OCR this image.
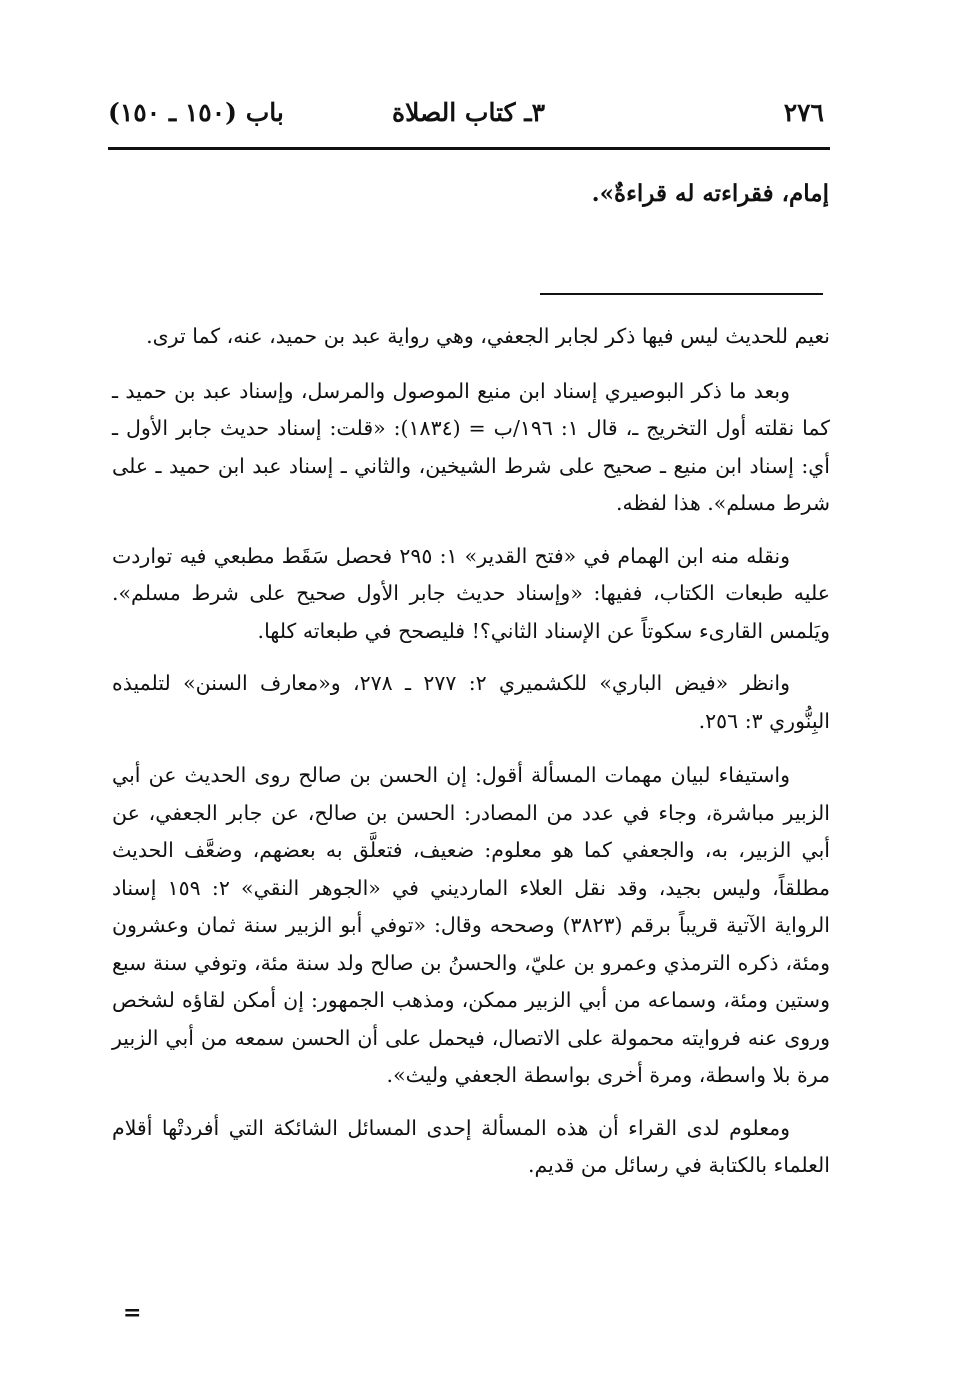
٢٧٦
٣ـ كتاب الصلاة
باب (١٥٠ ـ ١٥٠)
إمام، فقراءته له قراءةٌ».

نعيم للحديث ليس فيها ذكر لجابر الجعفي، وهي رواية عبد بن حميد، عنه، كما ترى.

وبعد ما ذكر البوصيري إسناد ابن منيع الموصول والمرسل، وإسناد عبد بن حميد ـ كما نقلته أول التخريج ـ، قال ١: ١٩٦/ب = (١٨٣٤): «قلت: إسناد حديث جابر الأول ـ أي: إسناد ابن منيع ـ صحيح على شرط الشيخين، والثاني ـ إسناد عبد ابن حميد ـ على شرط مسلم». هذا لفظه.

ونقله منه ابن الهمام في «فتح القدير» ١: ٢٩٥ فحصل سَقَط مطبعي فيه تواردت عليه طبعات الكتاب، ففيها: «وإسناد حديث جابر الأول صحيح على شرط مسلم». ويَلمس القارىء سكوتاً عن الإسناد الثاني؟! فليصحح في طبعاته كلها.

وانظر «فيض الباري» للكشميري ٢: ٢٧٧ ـ ٢٧٨، و«معارف السنن» لتلميذه البِنُّوري ٣: ٢٥٦.

واستيفاء لبيان مهمات المسألة أقول: إن الحسن بن صالح روى الحديث عن أبي الزبير مباشرة، وجاء في عدد من المصادر: الحسن بن صالح، عن جابر الجعفي، عن أبي الزبير، به، والجعفي كما هو معلوم: ضعيف، فتعلَّق به بعضهم، وضعَّف الحديث مطلقاً، وليس بجيد، وقد نقل العلاء المارديني في «الجوهر النقي» ٢: ١٥٩ إسناد الرواية الآتية قريباً برقم (٣٨٢٣) وصححه وقال: «توفي أبو الزبير سنة ثمان وعشرون ومئة، ذكره الترمذي وعمرو بن عليّ، والحسنُ بن صالح ولد سنة مئة، وتوفي سنة سبع وستين ومئة، وسماعه من أبي الزبير ممكن، ومذهب الجمهور: إن أمكن لقاؤه لشخص وروى عنه فروايته محمولة على الاتصال، فيحمل على أن الحسن سمعه من أبي الزبير مرة بلا واسطة، ومرة أخرى بواسطة الجعفي وليث».

ومعلوم لدى القراء أن هذه المسألة إحدى المسائل الشائكة التي أفردتْها أقلام العلماء بالكتابة في رسائل من قديم.

=
